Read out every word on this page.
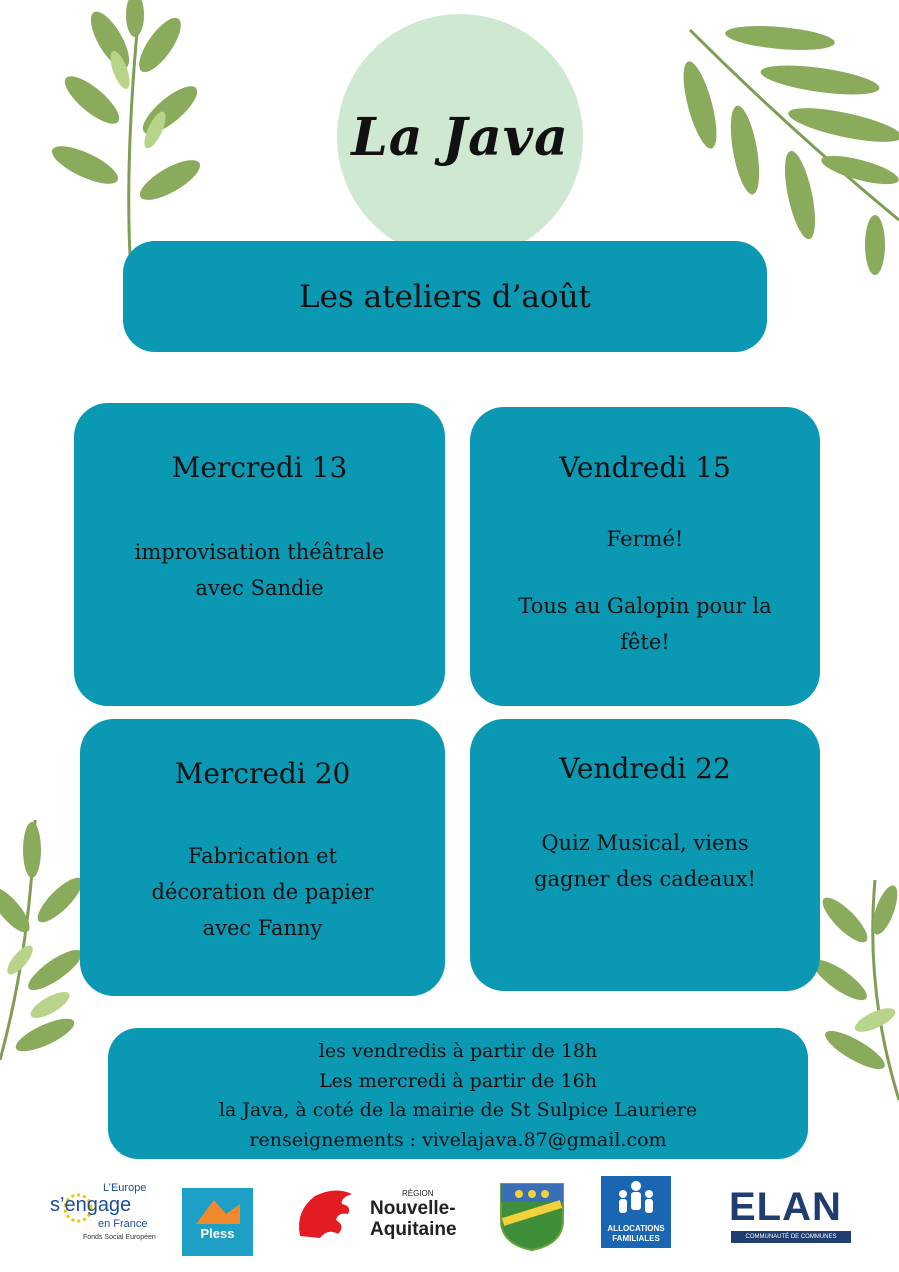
La Java
Les ateliers d’août
Mercredi 13
improvisation théâtrale
avec Sandie
Vendredi 15
Fermé!
Tous au Galopin pour la
fête!
Mercredi 20
Fabrication et
décoration de papier
avec Fanny
Vendredi 22
Quiz Musical, viens
gagner des cadeaux!
les vendredis à partir de 18h
Les mercredi à partir de 16h
la Java, à coté de la mairie de St Sulpice Lauriere
renseignements : vivelajava.87@gmail.com
L’Europe
s’engage
en France
Fonds Social Européen	Pless
RÉGION
Nouvelle-
Aquitaine	ALLOCATIONS
FAMILIALES
ELAN
COMMUNAUTÉ DE COMMUNES
